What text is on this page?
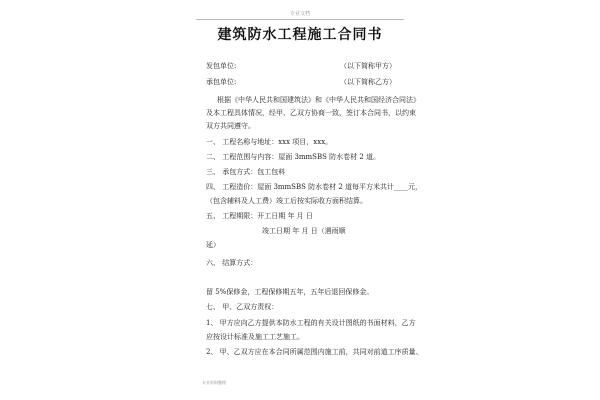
专业文档
建筑防水工程施工合同书
发包单位:	（以下简称甲方）
承包单位:	（以下简称乙方）
根据《中华人民共和国建筑法》和《中华人民共和国经济合同法》
及本工程具体情况，经甲、乙双方协商一致，签订本合同书，以约束
双方共同遵守。
一、 工程名称与地址：xxx 项目，xxx。
二、 工程范围与内容：屋面 3mmSBS 防水卷材 2 道。
三、 承包方式：包工包料
四、 工程造价：屋面 3mmSBS 防水卷材 2 道每平方米共计____元，
（包含辅料及人工费）竣工后按实际收方面积结算。
五、 工程期限：开工日期 年 月 日
竣工日期 年 月 日（遇雨顺
延）
六、 结算方式：
留 5%保修金，工程保修期五年，五年后退回保修金。
七、 甲、乙双方责权：
1、 甲方应向乙方提供本防水工程的有关设计图纸的书面材料，乙方
应按设计标准及施工工艺施工。
2、 甲、乙双方应在本合同所属范围内施工前，共同对前道工序质量、
专业资料整理
